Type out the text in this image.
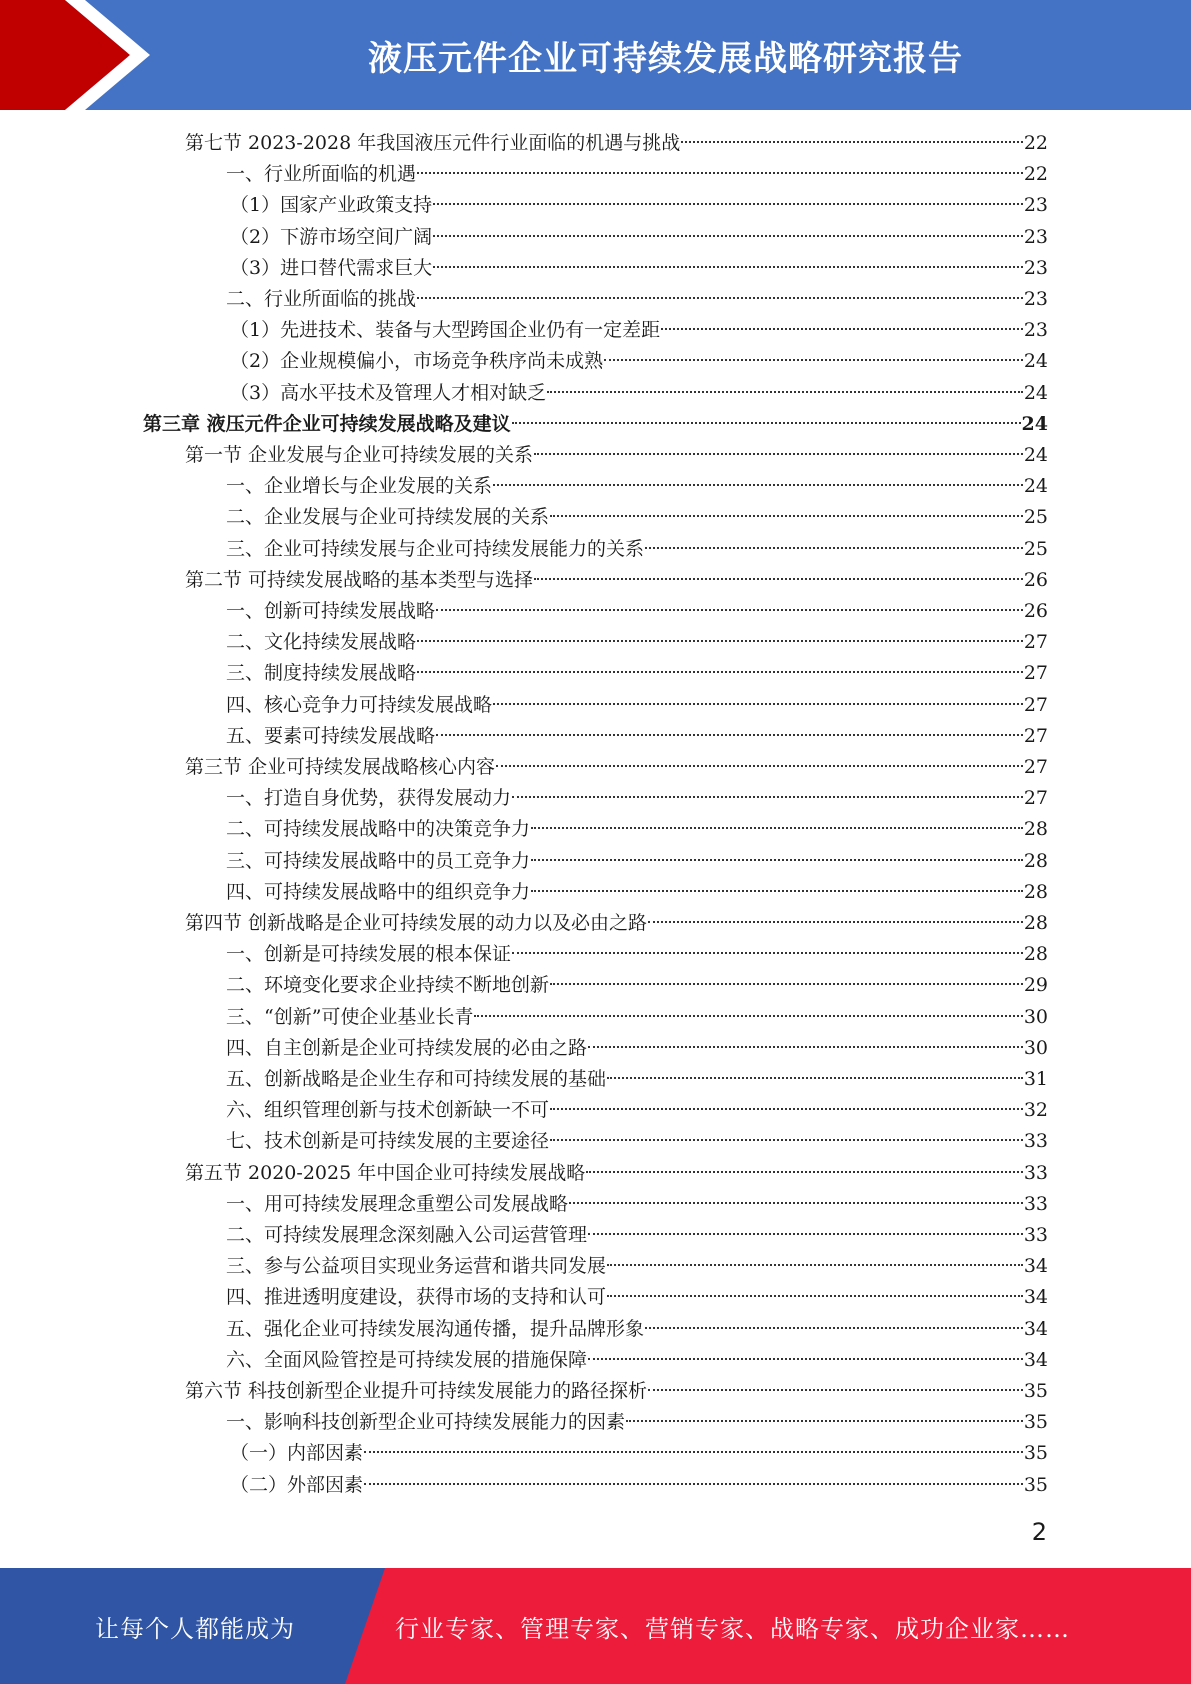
液压元件企业可持续发展战略研究报告
第七节 2023-2028 年我国液压元件行业面临的机遇与挑战	22
一、行业所面临的机遇	22
（1）国家产业政策支持	23
（2）下游市场空间广阔	23
（3）进口替代需求巨大	23
二、行业所面临的挑战	23
（1）先进技术、装备与大型跨国企业仍有一定差距	23
（2）企业规模偏小，市场竞争秩序尚未成熟	24
（3）高水平技术及管理人才相对缺乏	24
第三章 液压元件企业可持续发展战略及建议	24
第一节 企业发展与企业可持续发展的关系	24
一、企业增长与企业发展的关系	24
二、企业发展与企业可持续发展的关系	25
三、企业可持续发展与企业可持续发展能力的关系	25
第二节 可持续发展战略的基本类型与选择	26
一、创新可持续发展战略	26
二、文化持续发展战略	27
三、制度持续发展战略	27
四、核心竞争力可持续发展战略	27
五、要素可持续发展战略	27
第三节 企业可持续发展战略核心内容	27
一、打造自身优势，获得发展动力	27
二、可持续发展战略中的决策竞争力	28
三、可持续发展战略中的员工竞争力	28
四、可持续发展战略中的组织竞争力	28
第四节 创新战略是企业可持续发展的动力以及必由之路	28
一、创新是可持续发展的根本保证	28
二、环境变化要求企业持续不断地创新	29
三、“创新”可使企业基业长青	30
四、自主创新是企业可持续发展的必由之路	30
五、创新战略是企业生存和可持续发展的基础	31
六、组织管理创新与技术创新缺一不可	32
七、技术创新是可持续发展的主要途径	33
第五节 2020-2025 年中国企业可持续发展战略	33
一、用可持续发展理念重塑公司发展战略	33
二、可持续发展理念深刻融入公司运营管理	33
三、参与公益项目实现业务运营和谐共同发展	34
四、推进透明度建设，获得市场的支持和认可	34
五、强化企业可持续发展沟通传播，提升品牌形象	34
六、全面风险管控是可持续发展的措施保障	34
第六节 科技创新型企业提升可持续发展能力的路径探析	35
一、影响科技创新型企业可持续发展能力的因素	35
（一）内部因素	35
（二）外部因素	35
2
让每个人都能成为	行业专家、管理专家、营销专家、战略专家、成功企业家……
